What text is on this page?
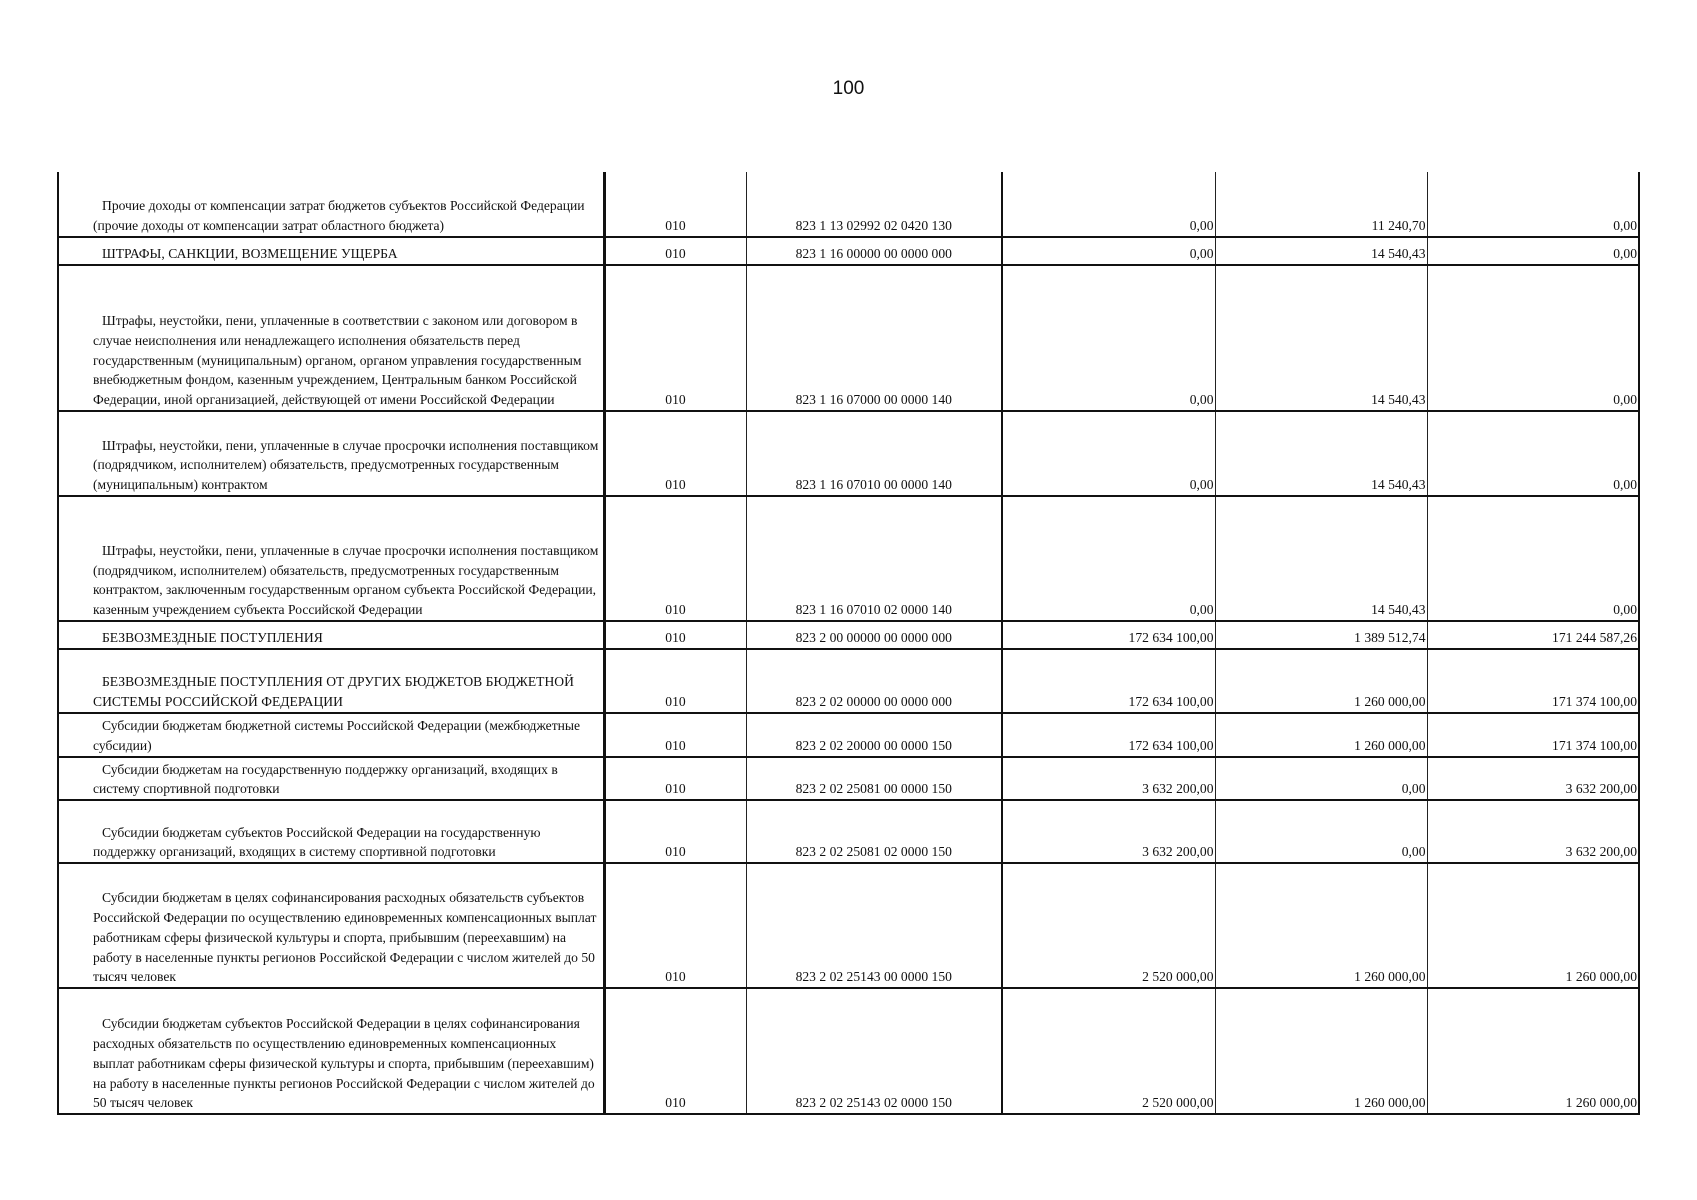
100
Прочие доходы от компенсации затрат бюджетов субъектов Российской Федерации (прочие доходы от компенсации затрат областного бюджета)	010	823 1 13 02992 02 0420 130	0,00	11 240,70	0,00
ШТРАФЫ, САНКЦИИ, ВОЗМЕЩЕНИЕ УЩЕРБА	010	823 1 16 00000 00 0000 000	0,00	14 540,43	0,00
Штрафы, неустойки, пени, уплаченные в соответствии с законом или договором в случае неисполнения или ненадлежащего исполнения обязательств перед государственным (муниципальным) органом, органом управления государственным внебюджетным фондом, казенным учреждением, Центральным банком Российской Федерации, иной организацией, действующей от имени Российской Федерации	010	823 1 16 07000 00 0000 140	0,00	14 540,43	0,00
Штрафы, неустойки, пени, уплаченные в случае просрочки исполнения поставщиком (подрядчиком, исполнителем) обязательств, предусмотренных государственным (муниципальным) контрактом	010	823 1 16 07010 00 0000 140	0,00	14 540,43	0,00
Штрафы, неустойки, пени, уплаченные в случае просрочки исполнения поставщиком (подрядчиком, исполнителем) обязательств, предусмотренных государственным контрактом, заключенным государственным органом субъекта Российской Федерации, казенным учреждением субъекта Российской Федерации	010	823 1 16 07010 02 0000 140	0,00	14 540,43	0,00
БЕЗВОЗМЕЗДНЫЕ ПОСТУПЛЕНИЯ	010	823 2 00 00000 00 0000 000	172 634 100,00	1 389 512,74	171 244 587,26
БЕЗВОЗМЕЗДНЫЕ ПОСТУПЛЕНИЯ ОТ ДРУГИХ БЮДЖЕТОВ БЮДЖЕТНОЙ СИСТЕМЫ РОССИЙСКОЙ ФЕДЕРАЦИИ	010	823 2 02 00000 00 0000 000	172 634 100,00	1 260 000,00	171 374 100,00
Субсидии бюджетам бюджетной системы Российской Федерации (межбюджетные субсидии)	010	823 2 02 20000 00 0000 150	172 634 100,00	1 260 000,00	171 374 100,00
Субсидии бюджетам на государственную поддержку организаций, входящих в систему спортивной подготовки	010	823 2 02 25081 00 0000 150	3 632 200,00	0,00	3 632 200,00
Субсидии бюджетам субъектов Российской Федерации на государственную поддержку организаций, входящих в систему спортивной подготовки	010	823 2 02 25081 02 0000 150	3 632 200,00	0,00	3 632 200,00
Субсидии бюджетам в целях софинансирования расходных обязательств субъектов Российской Федерации по осуществлению единовременных компенсационных выплат работникам сферы физической культуры и спорта, прибывшим (переехавшим) на работу в населенные пункты регионов Российской Федерации с числом жителей до 50 тысяч человек	010	823 2 02 25143 00 0000 150	2 520 000,00	1 260 000,00	1 260 000,00
Субсидии бюджетам субъектов Российской Федерации в целях софинансирования расходных обязательств по осуществлению единовременных компенсационных выплат работникам сферы физической культуры и спорта, прибывшим (переехавшим) на работу в населенные пункты регионов Российской Федерации с числом жителей до 50 тысяч человек	010	823 2 02 25143 02 0000 150	2 520 000,00	1 260 000,00	1 260 000,00
